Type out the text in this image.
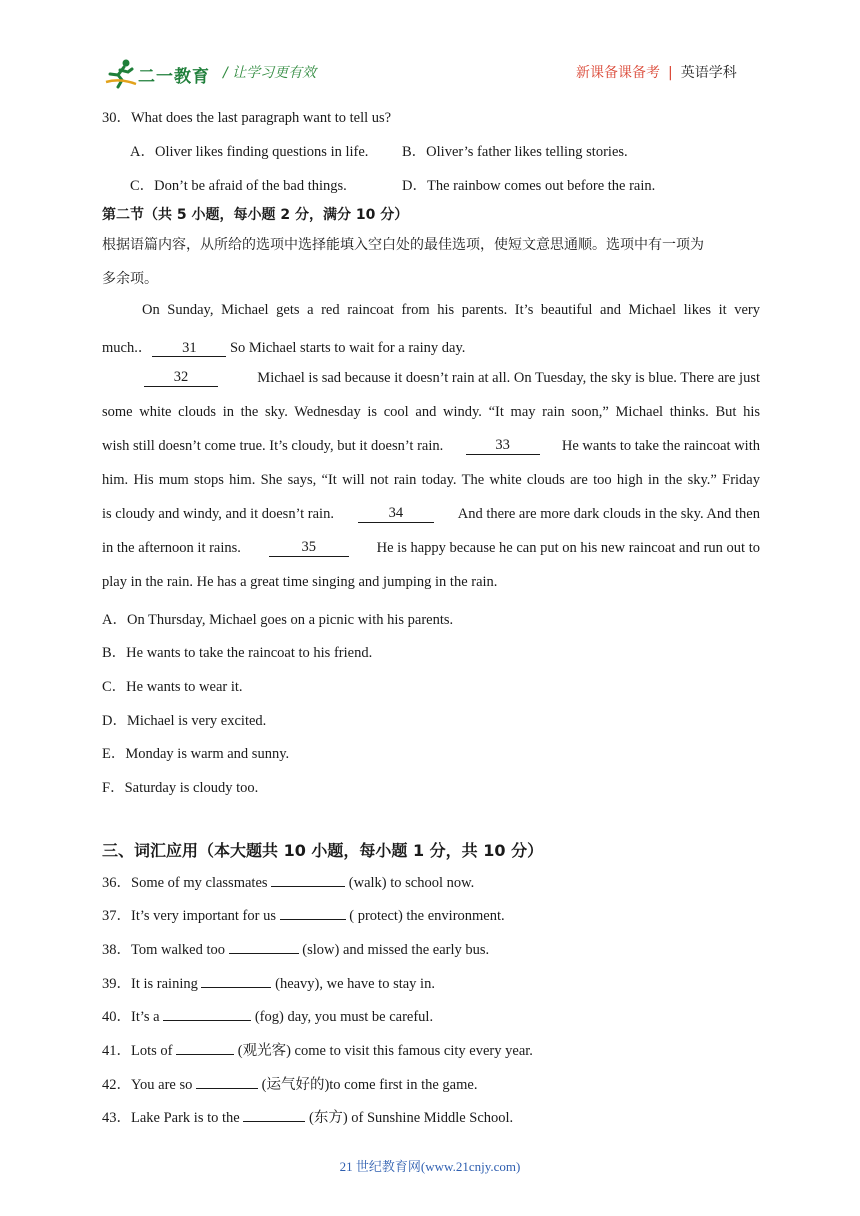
二一教育 / 让学习更有效	新课备课备考 | 英语学科
30．What does the last paragraph want to tell us?
A．Oliver likes finding questions in life. B．Oliver’s father likes telling stories.
C．Don’t be afraid of the bad things.	D．The rainbow comes out before the rain.
第二节（共 5 小题，每小题 2 分，满分 10 分）
根据语篇内容，从所给的选项中选择能填入空白处的最佳选项，使短文意思通顺。选项中有一项为
多余项。
On Sunday, Michael gets a red raincoat from his parents. It’s beautiful and Michael likes it very
much.． 31 So Michael starts to wait for a rainy day.
32	Michael is sad because it doesn’t rain at all. On Tuesday, the sky is blue. There are just
some white clouds in the sky. Wednesday is cool and windy. “It may rain soon,” Michael thinks. But his
wish still doesn’t come true. It’s cloudy, but it doesn’t rain.	33	He wants to take the raincoat with
him. His mum stops him. She says, “It will not rain today. The white clouds are too high in the sky.” Friday
is cloudy and windy, and it doesn’t rain.	34	And there are more dark clouds in the sky. And then
in the afternoon it rains.	35	He is happy because he can put on his new raincoat and run out to
play in the rain. He has a great time singing and jumping in the rain.
A．On Thursday, Michael goes on a picnic with his parents.
B．He wants to take the raincoat to his friend.
C．He wants to wear it.
D．Michael is very excited.
E．Monday is warm and sunny.
F．Saturday is cloudy too.
三、词汇应用（本大题共 10 小题，每小题 1 分，共 10 分）
36．Some of my classmates	(walk) to school now.
37．It’s very important for us	( protect) the environment.
38．Tom walked too	(slow) and missed the early bus.
39．It is raining	(heavy), we have to stay in.
40．It’s a	(fog) day, you must be careful.
41．Lots of	(观光客) come to visit this famous city every year.
42．You are so	(运气好的)to come first in the game.
43．Lake Park is to the	(东方) of Sunshine Middle School.
21 世纪教育网(www.21cnjy.com)
